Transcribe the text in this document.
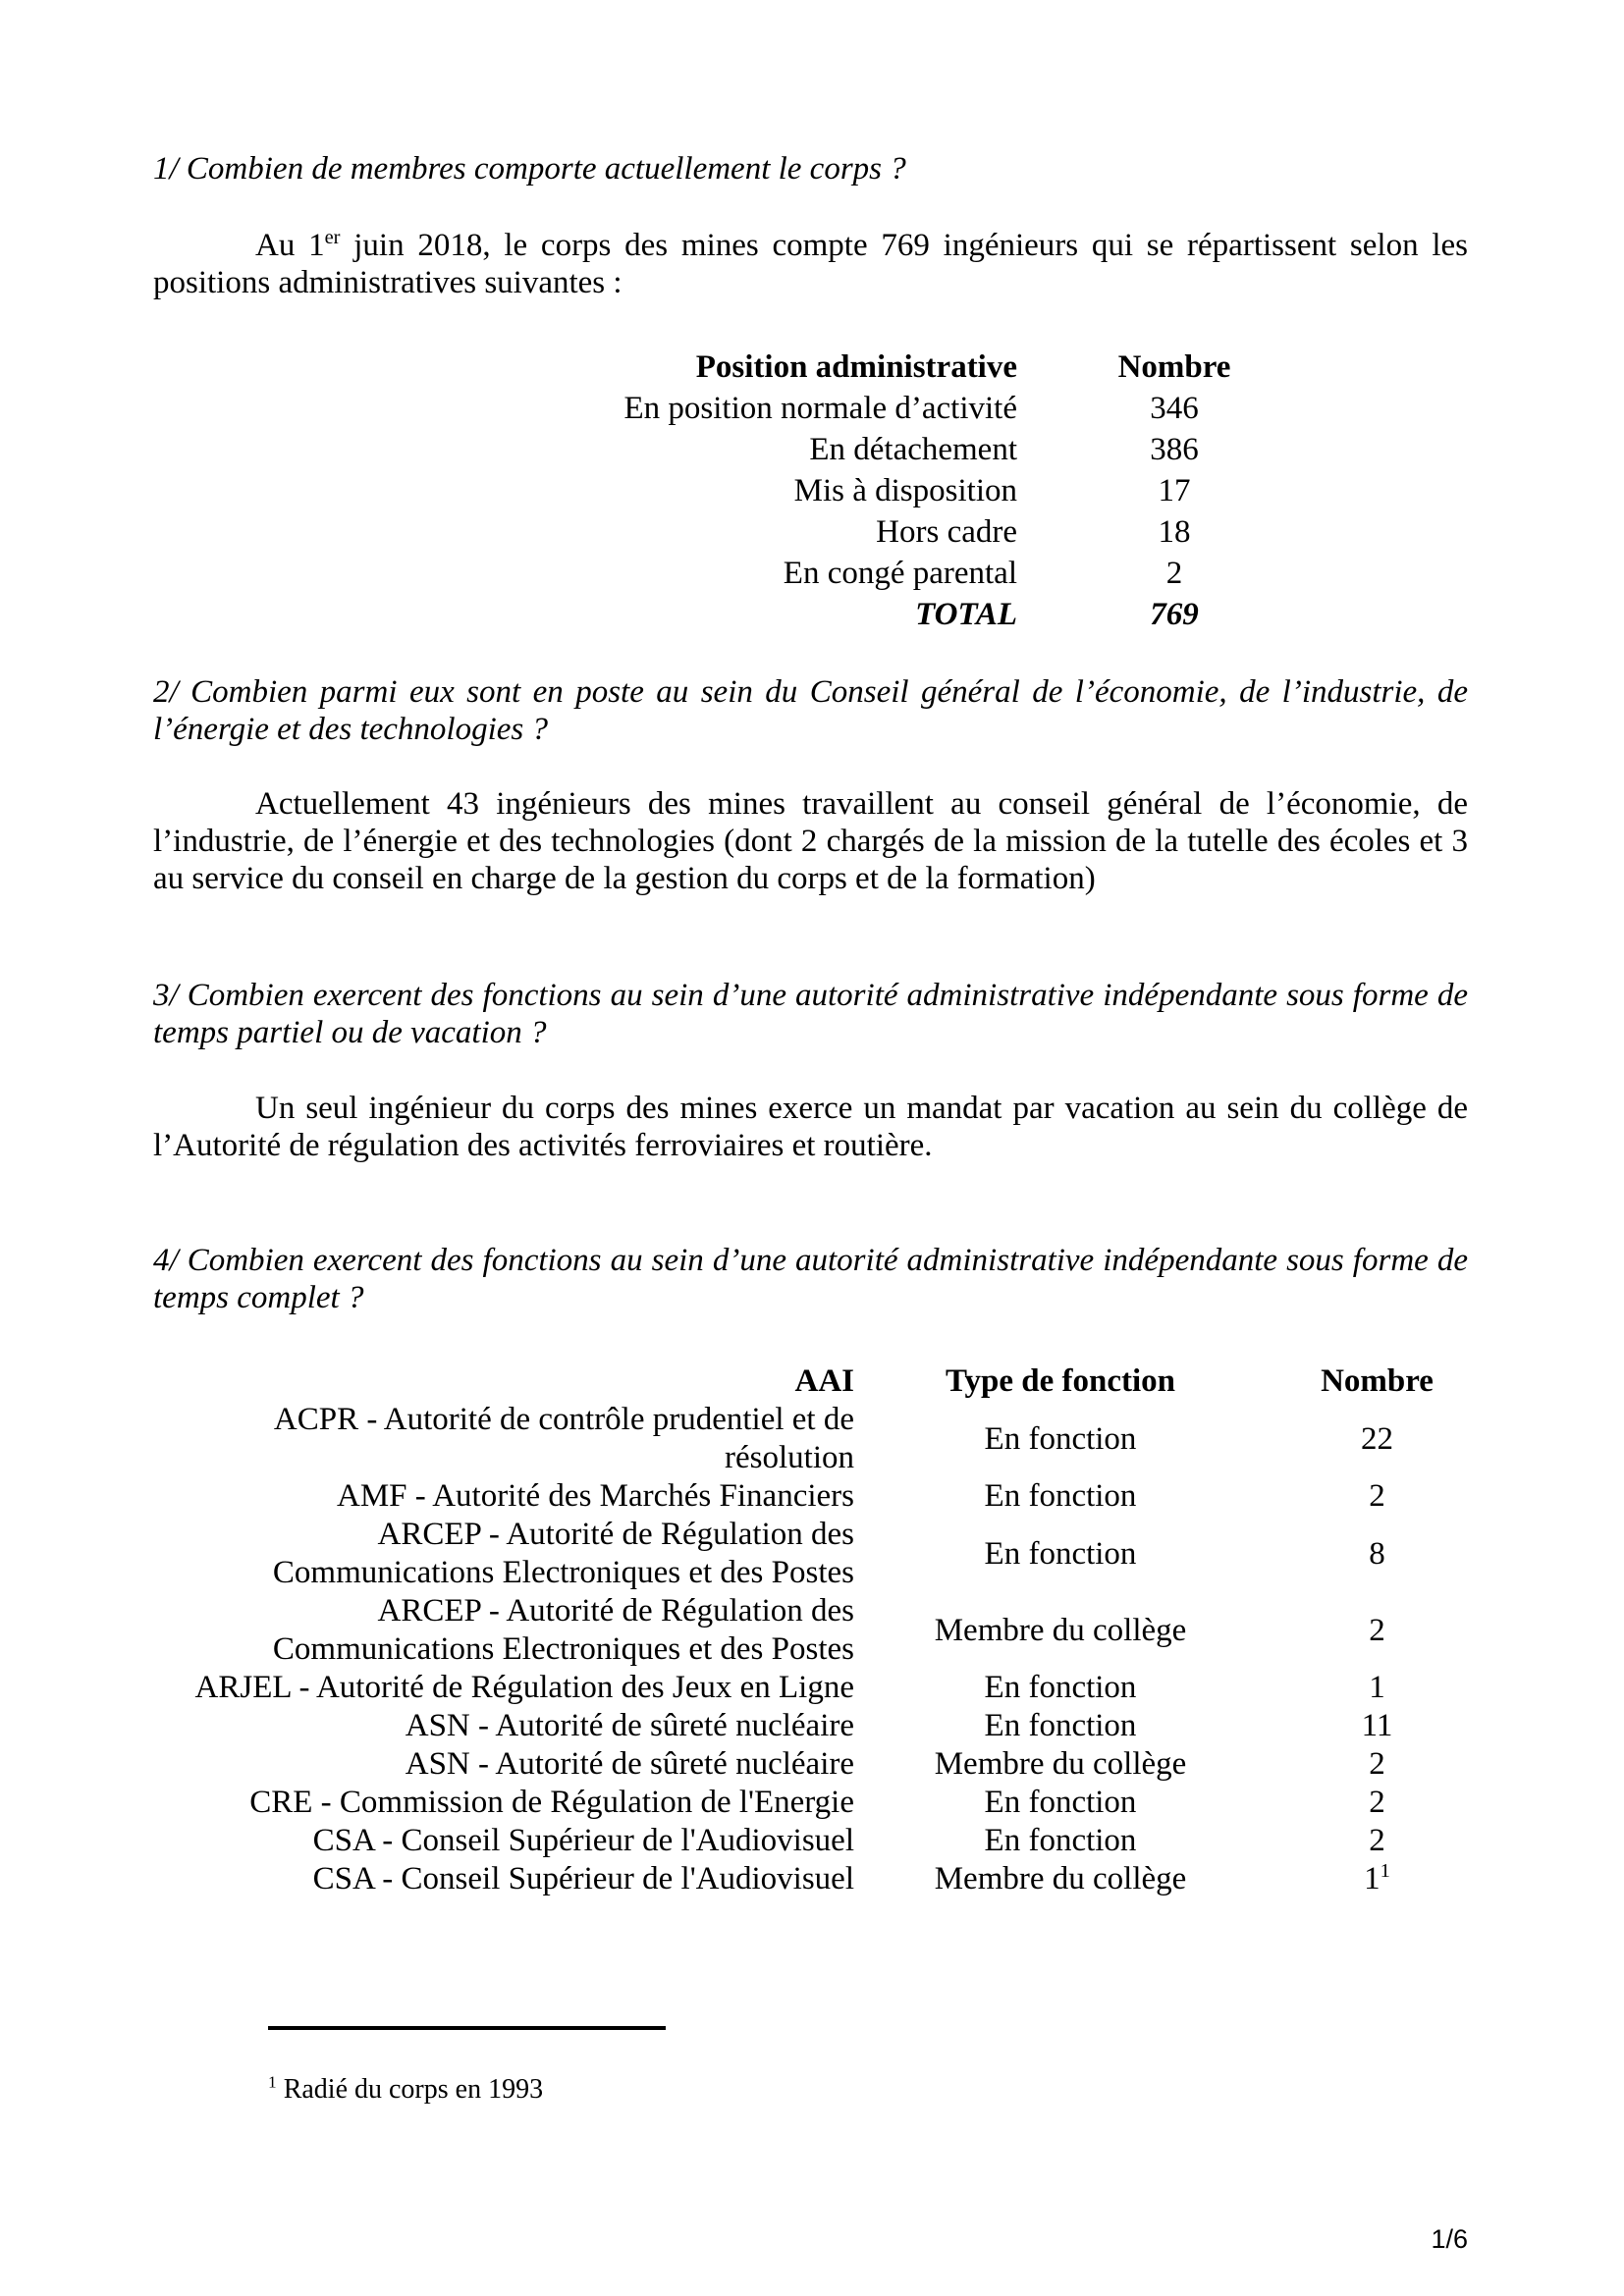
1/ Combien de membres comporte actuellement le corps ?
Au 1er juin 2018, le corps des mines compte 769 ingénieurs qui se répartissent selon les positions administratives suivantes :
Position administrative	Nombre
En position normale d’activité	346
En détachement	386
Mis à disposition	17
Hors cadre	18
En congé parental	2
TOTAL	769
2/ Combien parmi eux sont en poste au sein du Conseil général de l’économie, de l’industrie, de l’énergie et des technologies ?
Actuellement 43 ingénieurs des mines travaillent au conseil général de l’économie, de l’industrie, de l’énergie et des technologies (dont 2 chargés de la mission de la tutelle des écoles et 3 au service du conseil en charge de la gestion du corps et de la formation)
3/ Combien exercent des fonctions au sein d’une autorité administrative indépendante sous forme de temps partiel ou de vacation ?
Un seul ingénieur du corps des mines exerce un mandat par vacation au sein du collège de l’Autorité de régulation des activités ferroviaires et routière.
4/ Combien exercent des fonctions au sein d’une autorité administrative indépendante sous forme de temps complet ?
AAI	Type de fonction	Nombre
ACPR - Autorité de contrôle prudentiel et de résolution	En fonction	22
AMF - Autorité des Marchés Financiers	En fonction	2
ARCEP - Autorité de Régulation des Communications Electroniques et des Postes	En fonction	8
ARCEP - Autorité de Régulation des Communications Electroniques et des Postes	Membre du collège	2
ARJEL - Autorité de Régulation des Jeux en Ligne	En fonction	1
ASN - Autorité de sûreté nucléaire	En fonction	11
ASN - Autorité de sûreté nucléaire	Membre du collège	2
CRE - Commission de Régulation de l'Energie	En fonction	2
CSA - Conseil Supérieur de l'Audiovisuel	En fonction	2
CSA - Conseil Supérieur de l'Audiovisuel	Membre du collège	$1^1$
$^1$ Radié du corps en 1993
1/6
